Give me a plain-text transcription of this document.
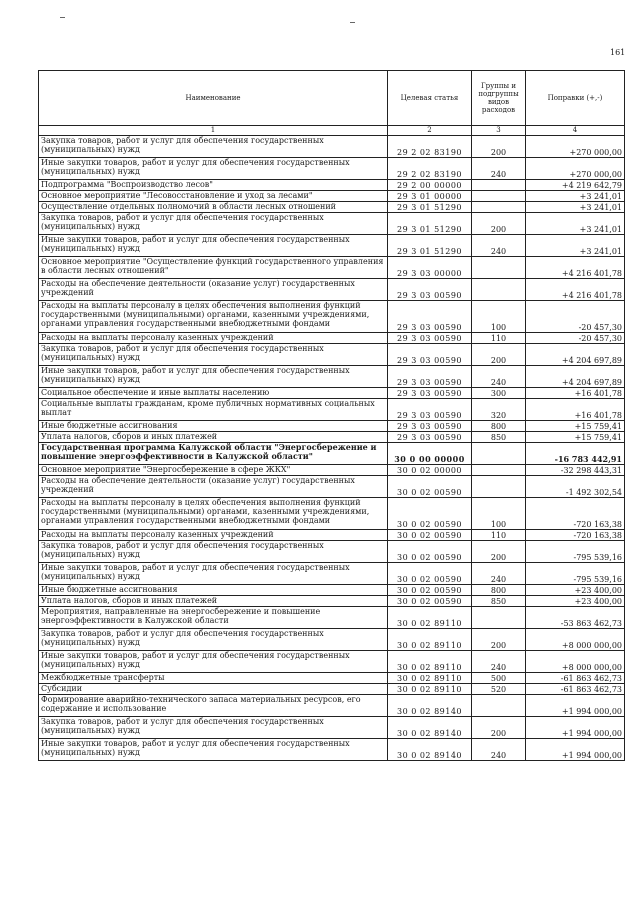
161
Наименование	Целевая статья	Группы и подгруппы видов расходов	Поправки (+,-)
1	2	3	4
Закупка товаров, работ и услуг для обеспечения государственных (муниципальных) нужд	29 2 02 83190	200	+270 000,00
Иные закупки товаров, работ и услуг для обеспечения государственных (муниципальных) нужд	29 2 02 83190	240	+270 000,00
Подпрограмма "Воспроизводство лесов"	29 2 00 00000		+4 219 642,79
Основное мероприятие "Лесовосстановление и уход за лесами"	29 3 01 00000		+3 241,01
Осуществление отдельных полномочий в области лесных отношений	29 3 01 51290		+3 241,01
Закупка товаров, работ и услуг для обеспечения государственных (муниципальных) нужд	29 3 01 51290	200	+3 241,01
Иные закупки товаров, работ и услуг для обеспечения государственных (муниципальных) нужд	29 3 01 51290	240	+3 241,01
Основное мероприятие "Осуществление функций государственного управления в области лесных отношений"	29 3 03 00000		+4 216 401,78
Расходы на обеспечение деятельности (оказание услуг) государственных учреждений	29 3 03 00590		+4 216 401,78
Расходы на выплаты персоналу в целях обеспечения выполнения функций государственными (муниципальными) органами, казенными учреждениями, органами управления государственными внебюджетными фондами	29 3 03 00590	100	-20 457,30
Расходы на выплаты персоналу казенных учреждений	29 3 03 00590	110	-20 457,30
Закупка товаров, работ и услуг для обеспечения государственных (муниципальных) нужд	29 3 03 00590	200	+4 204 697,89
Иные закупки товаров, работ и услуг для обеспечения государственных (муниципальных) нужд	29 3 03 00590	240	+4 204 697,89
Социальное обеспечение и иные выплаты населению	29 3 03 00590	300	+16 401,78
Социальные выплаты гражданам, кроме публичных нормативных социальных выплат	29 3 03 00590	320	+16 401,78
Иные бюджетные ассигнования	29 3 03 00590	800	+15 759,41
Уплата налогов, сборов и иных платежей	29 3 03 00590	850	+15 759,41
Государственная программа Калужской области "Энергосбережение и повышение энергоэффективности в Калужской области"	30 0 00 00000		-16 783 442,91
Основное мероприятие "Энергосбережение в сфере ЖКХ"	30 0 02 00000		-32 298 443,31
Расходы на обеспечение деятельности (оказание услуг) государственных учреждений	30 0 02 00590		-1 492 302,54
Расходы на выплаты персоналу в целях обеспечения выполнения функций государственными (муниципальными) органами, казенными учреждениями, органами управления государственными внебюджетными фондами	30 0 02 00590	100	-720 163,38
Расходы на выплаты персоналу казенных учреждений	30 0 02 00590	110	-720 163,38
Закупка товаров, работ и услуг для обеспечения государственных (муниципальных) нужд	30 0 02 00590	200	-795 539,16
Иные закупки товаров, работ и услуг для обеспечения государственных (муниципальных) нужд	30 0 02 00590	240	-795 539,16
Иные бюджетные ассигнования	30 0 02 00590	800	+23 400,00
Уплата налогов, сборов и иных платежей	30 0 02 00590	850	+23 400,00
Мероприятия, направленные на энергосбережение и повышение энергоэффективности в Калужской области	30 0 02 89110		-53 863 462,73
Закупка товаров, работ и услуг для обеспечения государственных (муниципальных) нужд	30 0 02 89110	200	+8 000 000,00
Иные закупки товаров, работ и услуг для обеспечения государственных (муниципальных) нужд	30 0 02 89110	240	+8 000 000,00
Межбюджетные трансферты	30 0 02 89110	500	-61 863 462,73
Субсидии	30 0 02 89110	520	-61 863 462,73
Формирование аварийно-технического запаса материальных ресурсов, его содержание и использование	30 0 02 89140		+1 994 000,00
Закупка товаров, работ и услуг для обеспечения государственных (муниципальных) нужд	30 0 02 89140	200	+1 994 000,00
Иные закупки товаров, работ и услуг для обеспечения государственных (муниципальных) нужд	30 0 02 89140	240	+1 994 000,00
